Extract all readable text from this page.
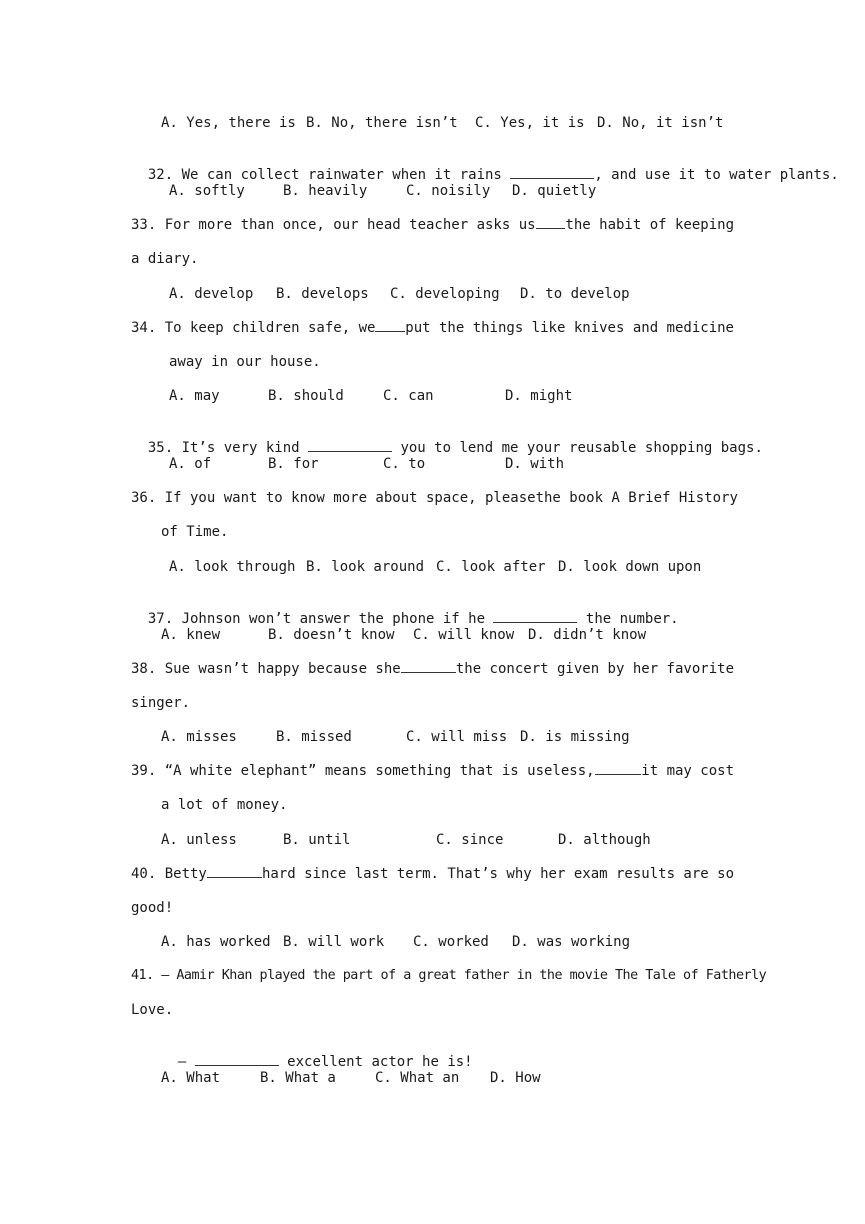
A. Yes, there is B. No, there isn’t C. Yes, it is D. No, it isn’t

32. We can collect rainwater when it rains	, and use it to water plants.

A. softly	B. heavily	C. noisily D. quietly
33. For more than once, our head teacher asks us the habit of keeping
a diary.
A. develop B. develops C. developing D. to develop
34. To keep children safe, we put the things like knives and medicine
away in our house.
A. may	B. should	C. can	D. might

35. It’s very kind	you to lend me your reusable shopping bags.

A. of	B. for	C. to	D. with
36. If you want to know more about space, please the book A Brief History
of Time.
A. look through B. look around C. look after D. look down upon

37. Johnson won’t answer the phone if he	the number.

A. knew	B. doesn’t know C. will know D. didn’t know
38. Sue wasn’t happy because she	the concert given by her favorite
singer.
A. misses	B. missed	C. will miss D. is missing
39. “A white elephant” means something that is useless,	it may cost
a lot of money.
A. unless	B. until	C. since	D. although
40. Betty	hard since last term. That’s why her exam results are so
good!
A. has worked B. will work C. worked D. was working
41. — Aamir Khan played the part of a great father in the movie The Tale of Fatherly
Love.

—	excellent actor he is!

A. What	B. What a	C. What an D. How
